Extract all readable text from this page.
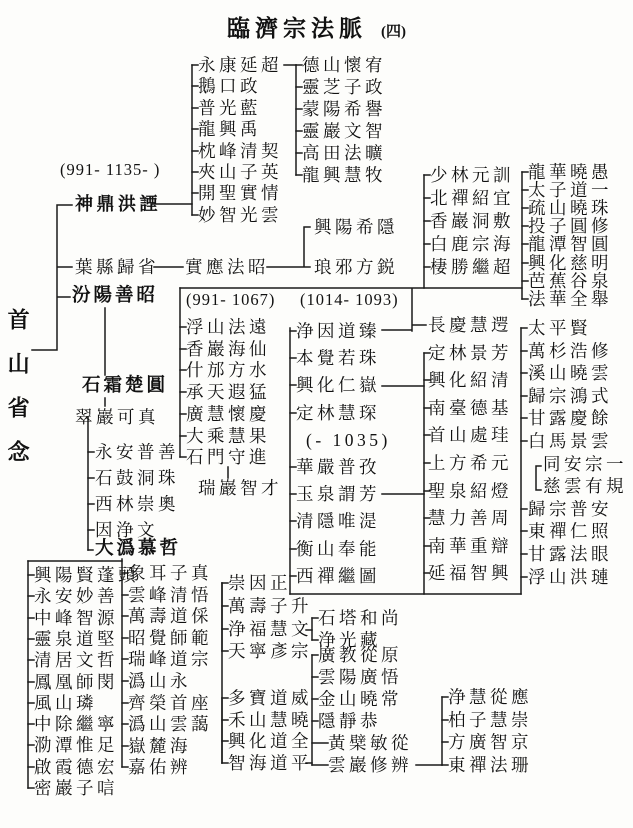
臨濟宗法脈 (四)
首山省念
(991- 1135- )
神鼎洪諲
葉縣歸省
汾陽善昭
石霜楚圓
翠巖可真
大潙慕哲
實應法昭
興陽希隱
琅邪方鋭
(991- 1067) (1014- 1093)
瑞巖智才
永康延超
鵝口政
普光藍
龍興禹
枕峰清契
夾山子英
開聖實情
妙智光雲
德山懷宥
靈芝子政
蒙陽希譽
靈巖文智
高田法曠
龍興慧牧	少林元訓
北禪紹宜
香巖洞敷
白鹿宗海
棲勝繼超
龍華曉愚
太子道一
疏山曉珠
投子圓修
龍潭智圓
興化慈明
芭蕉谷泉
法華全舉
浮山法遠
香巖海仙
什邡方水
承天遐猛
廣慧懷慶
大乘慧果
石門守進
永安普善
石鼓洞珠
西林崇奧
因浄文
浄因道臻
本覺若珠
興化仁嶽
定林慧琛
(- 1035)
華嚴普孜
玉泉謂芳
清隱唯湜
衡山奉能
西禪繼圖
長慶慧遌
定林景芳
興化紹清
南臺德基
首山處珪
上方希元
聖泉紹燈
慧力善周
南華重辯
延福智興
太平賢
萬杉浩修
溪山曉雲
歸宗鴻式
甘露慶餘
白馬景雲
同安宗一
慈雲有規
歸宗普安
東禪仁照
甘露法眼
浮山洪璉
興陽賢蓬頭
永安妙善
中峰智源
靈泉道堅
清居文哲
鳳凰師閔
風山璘
中除繼寧
泐潭惟足
啟霞德宏
密巖子唁
象耳子真
雲峰清悟
萬壽道倸
昭覺師範
瑞峰道宗
潙山永
齊榮首座
潙山雲藹
嶽麓海
嘉佑辨
崇因正
萬壽子升
浄福慧文
天寧彥宗
多寶道威
禾山慧曉
興化道全
智海道平
石塔和尚
浄光藏
廣教從原
雲陽廣悟
金山曉常
隱靜恭
黃檗敏從
雲巖修辨
浄慧從應
柏子慧崇
方廣智京
東禪法珊
